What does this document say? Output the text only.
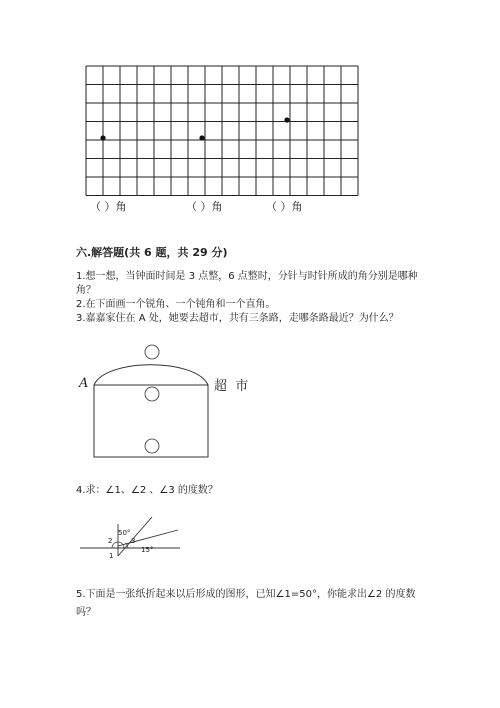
（ ）角	（ ）角	（ ）角
六.解答题(共 6 题，共 29 分)
1.想一想，当钟面时间是 3 点整，6 点整时，分针与时针所成的角分别是哪种
角？
2.在下面画一个锐角、一个钝角和一个直角。
3.嘉嘉家住在 A 处，她要去超市，共有三条路，走哪条路最近？为什么？
A	超  市
4.求：∠1、∠2 、∠3 的度数？
50°
2	3
15°
1
5.下面是一张纸折起来以后形成的图形，已知∠1=50°，你能求出∠2 的度数
吗？
